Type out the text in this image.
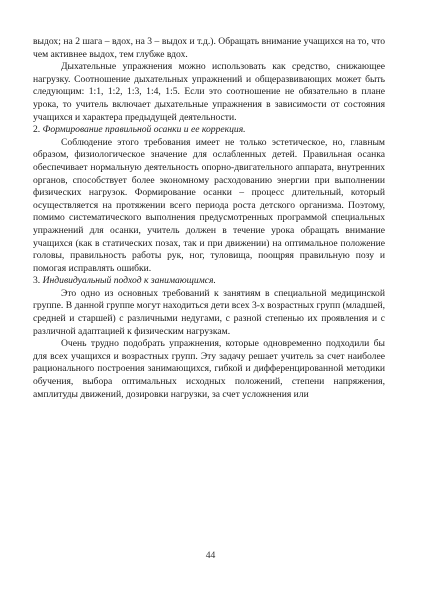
выдох; на 2 шага – вдох, на 3 – выдох и т.д.). Обращать внимание учащихся на то, что чем активнее выдох, тем глубже вдох.

Дыхательные упражнения можно использовать как средство, снижающее нагрузку. Соотношение дыхательных упражнений и общеразвивающих может быть следующим: 1:1, 1:2, 1:3, 1:4, 1:5. Если это соотношение не обязательно в плане урока, то учитель включает дыхательные упражнения в зависимости от состояния учащихся и характера предыдущей деятельности.

2. Формирование правильной осанки и ее коррекция.

Соблюдение этого требования имеет не только эстетическое, но, главным образом, физиологическое значение для ослабленных детей. Правильная осанка обеспечивает нормальную деятельность опорно-двигательного аппарата, внутренних органов, способствует более экономному расходованию энергии при выполнении физических нагрузок. Формирование осанки – процесс длительный, который осуществляется на протяжении всего периода роста детского организма. Поэтому, помимо систематического выполнения предусмотренных программой специальных упражнений для осанки, учитель должен в течение урока обращать внимание учащихся (как в статических позах, так и при движении) на оптимальное положение головы, правильность работы рук, ног, туловища, поощряя правильную позу и помогая исправлять ошибки.

3. Индивидуальный подход к занимающимся.

Это одно из основных требований к занятиям в специальной медицинской группе. В данной группе могут находиться дети всех 3-х возрастных групп (младшей, средней и старшей) с различными недугами, с разной степенью их проявления и с различной адаптацией к физическим нагрузкам.

Очень трудно подобрать упражнения, которые одновременно подходили бы для всех учащихся и возрастных групп. Эту задачу решает учитель за счет наиболее рационального построения занимающихся, гибкой и дифференцированной методики обучения, выбора оптимальных исходных положений, степени напряжения, амплитуды движений, дозировки нагрузки, за счет усложнения или

44
